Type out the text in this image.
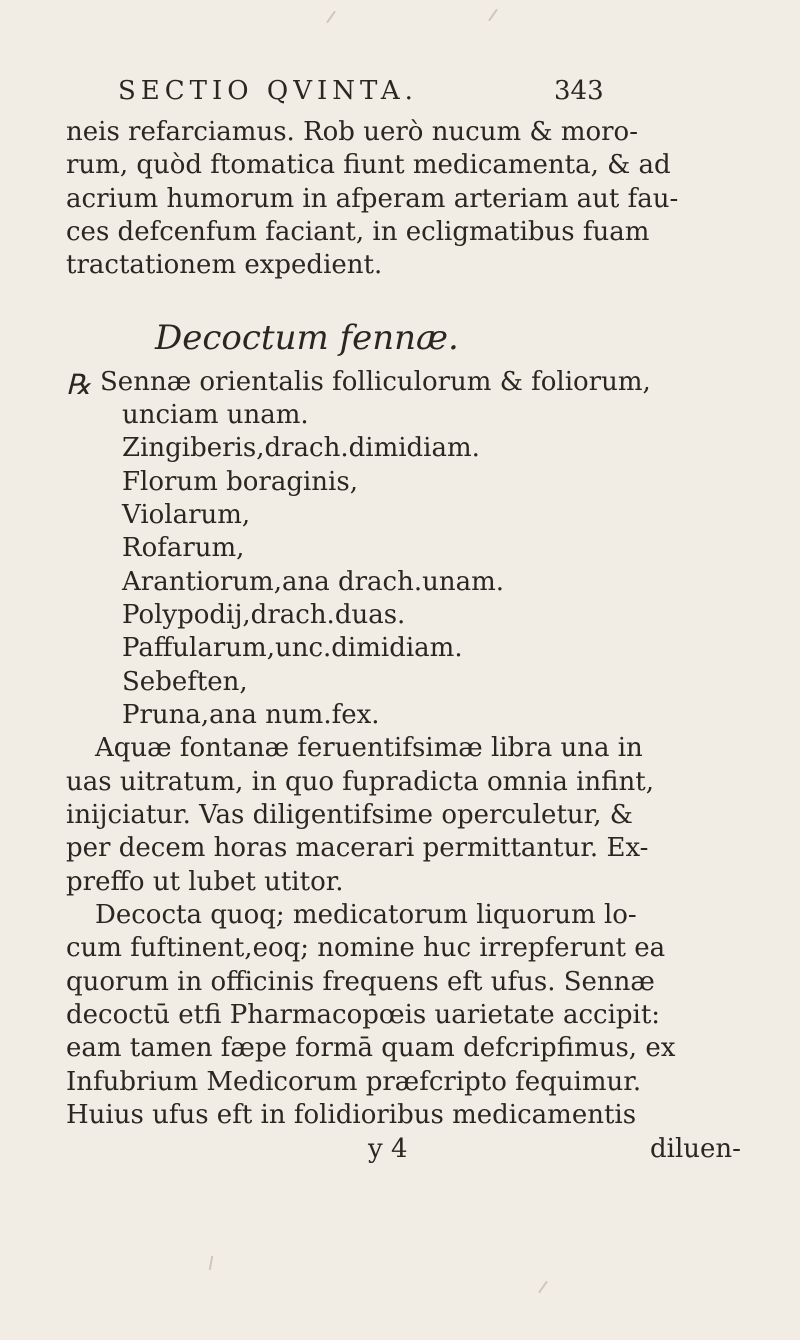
SECTIO QVINTA.	343
neis refarciamus. Rob uerò nucum & moro-
rum, quòd ftomatica fiunt medicamenta, & ad
acrium humorum in afperam arteriam aut fau-
ces defcenfum faciant, in ecligmatibus fuam
tractationem expedient.
Decoctum fennæ.
℞ Sennæ orientalis folliculorum & foliorum,
unciam unam.
Zingiberis,drach.dimidiam.
Florum boraginis,
Violarum,
Rofarum,
Arantiorum,ana drach.unam.
Polypodij,drach.duas.
Paffularum,unc.dimidiam.
Sebeften,
Pruna,ana num.fex.
Aquæ fontanæ feruentifsimæ libra una in
uas uitratum, in quo fupradicta omnia infint,
inijciatur. Vas diligentifsime operculetur, &
per decem horas macerari permittantur. Ex-
preffo ut lubet utitor.
Decocta quoq; medicatorum liquorum lo-
cum fuftinent,eoq; nomine huc irrepferunt ea
quorum in officinis frequens eft ufus. Sennæ
decoctū etfi Pharmacopœis uarietate accipit:
eam tamen fæpe formā quam defcripfimus, ex
Infubrium Medicorum præfcripto fequimur.
Huius ufus eft in folidioribus medicamentis
y 4	diluen-
